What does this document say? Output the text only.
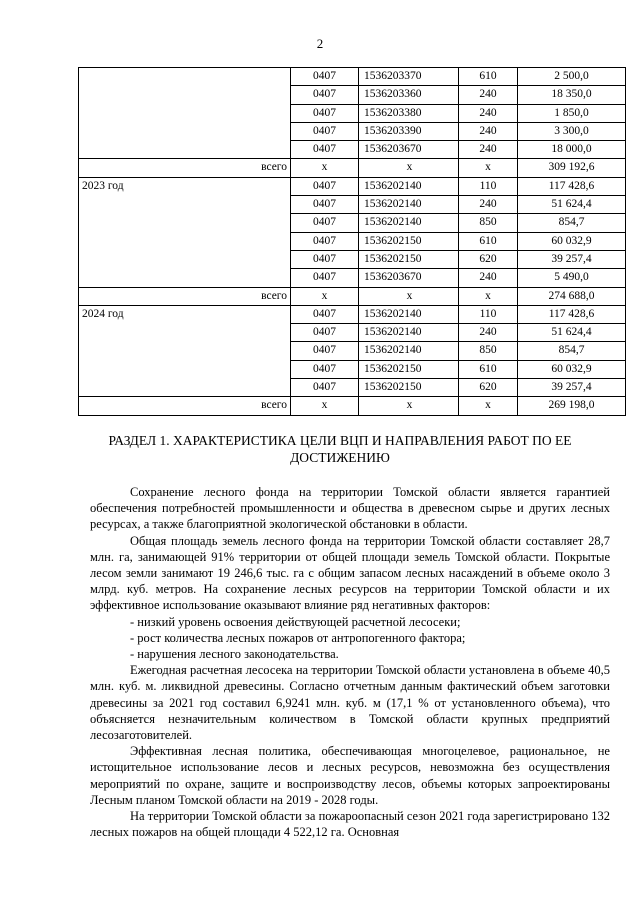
2
	0407	1536203370	610	2 500,0
	0407	1536203360	240	18 350,0
	0407	1536203380	240	1 850,0
	0407	1536203390	240	3 300,0
	0407	1536203670	240	18 000,0
всего	х	х	х	309 192,6
2023 год	0407	1536202140	110	117 428,6
	0407	1536202140	240	51 624,4
	0407	1536202140	850	854,7
	0407	1536202150	610	60 032,9
	0407	1536202150	620	39 257,4
	0407	1536203670	240	5 490,0
всего	х	х	х	274 688,0
2024 год	0407	1536202140	110	117 428,6
	0407	1536202140	240	51 624,4
	0407	1536202140	850	854,7
	0407	1536202150	610	60 032,9
	0407	1536202150	620	39 257,4
всего	х	х	х	269 198,0
РАЗДЕЛ 1. ХАРАКТЕРИСТИКА ЦЕЛИ ВЦП И НАПРАВЛЕНИЯ РАБОТ ПО ЕЕ ДОСТИЖЕНИЮ

Сохранение лесного фонда на территории Томской области является гарантией обеспечения потребностей промышленности и общества в древесном сырье и других лесных ресурсах, а также благоприятной экологической обстановки в области.

Общая площадь земель лесного фонда на территории Томской области составляет 28,7 млн. га, занимающей 91% территории от общей площади земель Томской области. Покрытые лесом земли занимают 19 246,6 тыс. га с общим запасом лесных насаждений в объеме около 3 млрд. куб. метров. На сохранение лесных ресурсов на территории Томской области и их эффективное использование оказывают влияние ряд негативных факторов:

- низкий уровень освоения действующей расчетной лесосеки;

- рост количества лесных пожаров от антропогенного фактора;

- нарушения лесного законодательства.

Ежегодная расчетная лесосека на территории Томской области установлена в объеме 40,5 млн. куб. м. ликвидной древесины. Согласно отчетным данным фактический объем заготовки древесины за 2021 год составил 6,9241 млн. куб. м (17,1 % от установленного объема), что объясняется незначительным количеством в Томской области крупных предприятий лесозаготовителей.

Эффективная лесная политика, обеспечивающая многоцелевое, рациональное, не истощительное использование лесов и лесных ресурсов, невозможна без осуществления мероприятий по охране, защите и воспроизводству лесов, объемы которых запроектированы Лесным планом Томской области на 2019 - 2028 годы.

На территории Томской области за пожароопасный сезон 2021 года зарегистрировано 132 лесных пожаров на общей площади 4 522,12 га. Основная
